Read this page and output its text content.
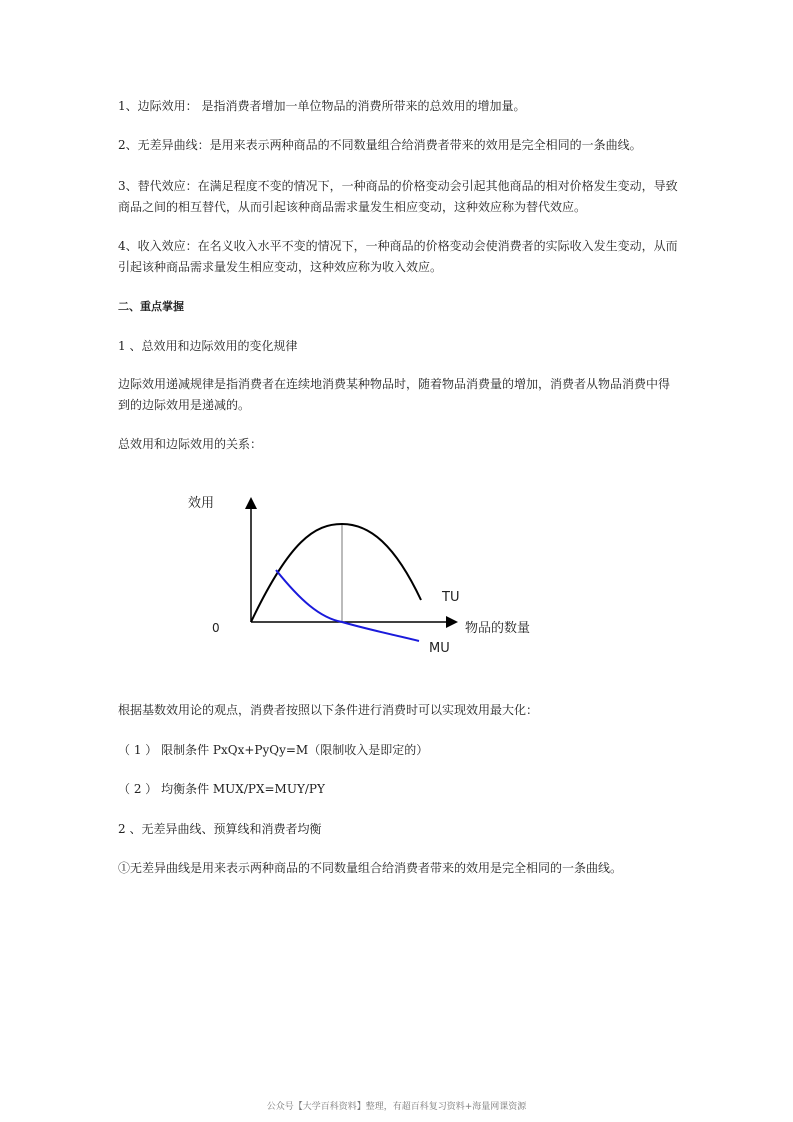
1、边际效用： 是指消费者增加一单位物品的消费所带来的总效用的增加量。

2、无差异曲线：是用来表示两种商品的不同数量组合给消费者带来的效用是完全相同的一条曲线。

3、替代效应：在满足程度不变的情况下，一种商品的价格变动会引起其他商品的相对价格发生变动，导致商品之间的相互替代，从而引起该种商品需求量发生相应变动，这种效应称为替代效应。

4、收入效应：在名义收入水平不变的情况下，一种商品的价格变动会使消费者的实际收入发生变动，从而引起该种商品需求量发生相应变动，这种效应称为收入效应。

二、重点掌握

1 、总效用和边际效用的变化规律

边际效用递减规律是指消费者在连续地消费某种物品时，随着物品消费量的增加，消费者从物品消费中得到的边际效用是递减的。

总效用和边际效用的关系：

效用
0
TU
物品的数量
MU

根据基数效用论的观点，消费者按照以下条件进行消费时可以实现效用最大化：

（ 1 ） 限制条件 PxQx+PyQy=M（限制收入是即定的）

（ 2 ） 均衡条件 MUX/PX=MUY/PY

2 、无差异曲线、预算线和消费者均衡

①无差异曲线是用来表示两种商品的不同数量组合给消费者带来的效用是完全相同的一条曲线。

公众号【大学百科资料】整理，有超百科复习资料+海量网课资源
